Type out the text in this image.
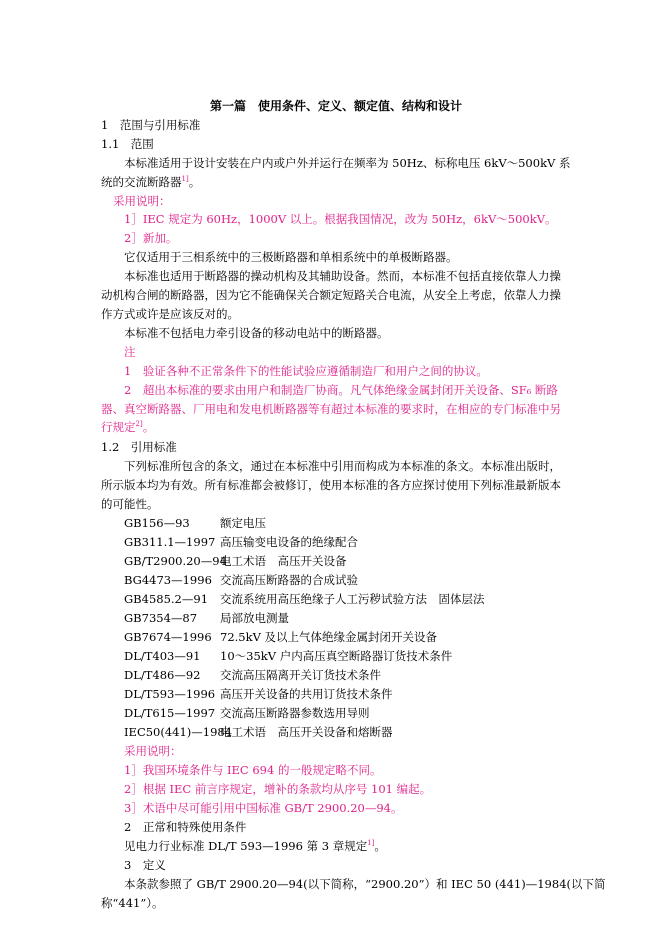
第一篇　使用条件、定义、额定值、结构和设计
1　范围与引用标准
1.1　范围
本标准适用于设计安装在户内或户外并运行在频率为 50Hz、标称电压 6kV～500kV 系
统的交流断路器$^{1]}$。
采用说明：
1］IEC 规定为 60Hz，1000V 以上。根据我国情况，改为 50Hz，6kV～500kV。
2］新加。
它仅适用于三相系统中的三极断路器和单相系统中的单极断路器。
本标准也适用于断路器的操动机构及其辅助设备。然而，本标准不包括直接依靠人力操
动机构合闸的断路器，因为它不能确保关合额定短路关合电流，从安全上考虑，依靠人力操
作方式或许是应该反对的。
本标准不包括电力牵引设备的移动电站中的断路器。
注
1　验证各种不正常条件下的性能试验应遵循制造厂和用户之间的协议。
2　超出本标准的要求由用户和制造厂协商。凡气体绝缘金属封闭开关设备、SF₆ 断路
器、真空断路器、厂用电和发电机断路器等有超过本标准的要求时，在相应的专门标准中另
行规定$^{2]}$。
1.2　引用标准
下列标准所包含的条文，通过在本标准中引用而构成为本标准的条文。本标准出版时，
所示版本均为有效。所有标准都会被修订，使用本标准的各方应探讨使用下列标准最新版本
的可能性。
GB156—93	额定电压
GB311.1—1997 高压输变电设备的绝缘配合
GB/T2900.20—94电工术语　高压开关设备
BG4473—1996 交流高压断路器的合成试验
GB4585.2—91 交流系统用高压绝缘子人工污秽试验方法　固体层法
GB7354—87 局部放电测量
GB7674—1996 72.5kV 及以上气体绝缘金属封闭开关设备
DL/T403—91 10～35kV 户内高压真空断路器订货技术条件
DL/T486—92 交流高压隔离开关订货技术条件
DL/T593—1996 高压开关设备的共用订货技术条件
DL/T615—1997 交流高压断路器参数选用导则
IEC50(441)—1984电工术语　高压开关设备和熔断器
采用说明：
1］我国环境条件与 IEC 694 的一般规定略不同。
2］根据 IEC 前言序规定，增补的条款均从序号 101 编起。
3］术语中尽可能引用中国标准 GB/T 2900.20—94。
2　正常和特殊使用条件
见电力行业标准 DL/T 593—1996 第 3 章规定$^{1]}$。
3　定义
本条款参照了 GB/T 2900.20—94(以下简称，“2900.20”）和 IEC 50 (441)—1984(以下简
称“441”）。
